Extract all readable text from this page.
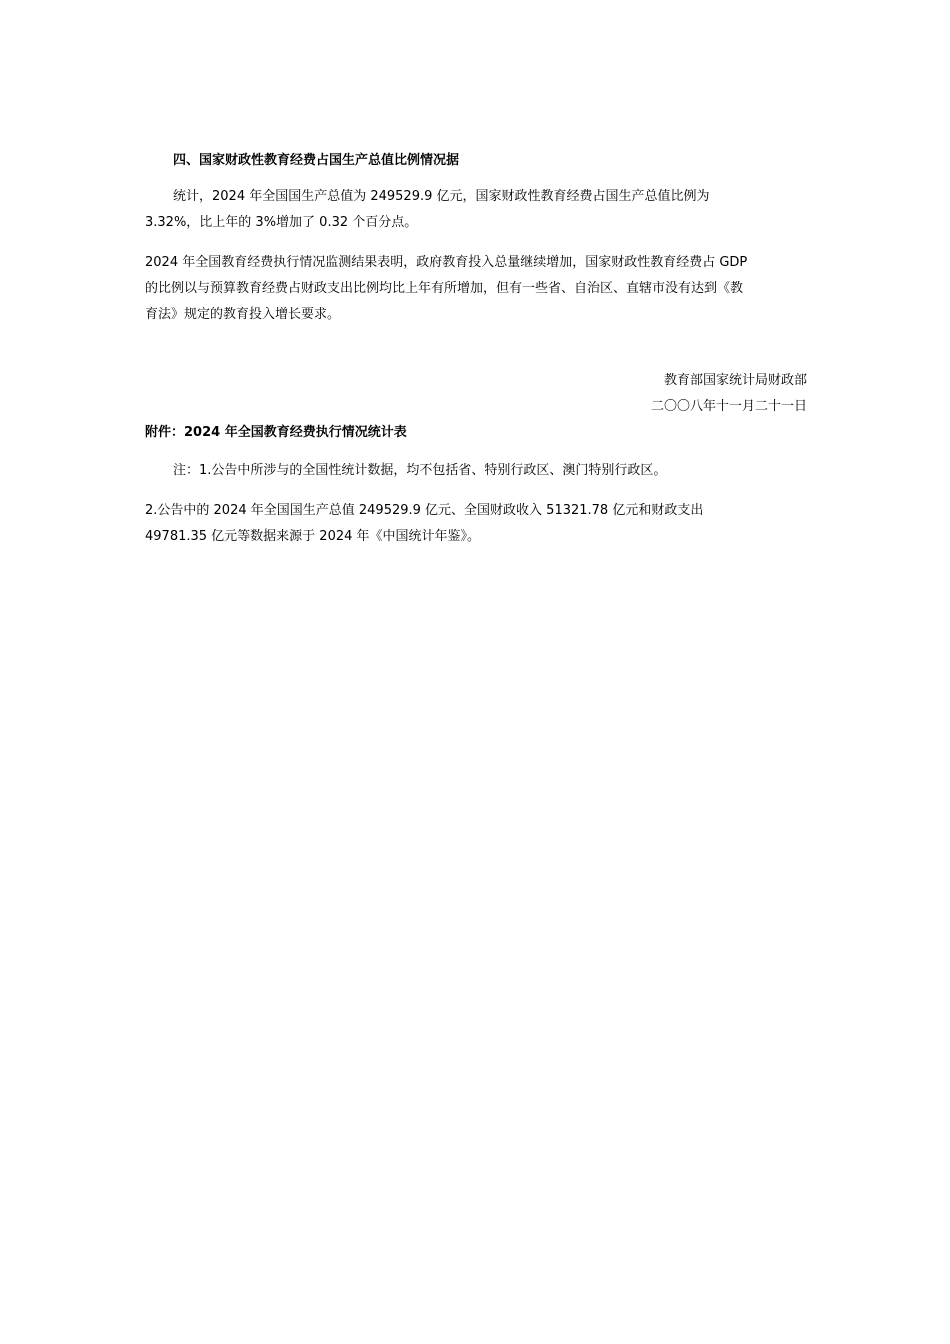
四、国家财政性教育经费占国生产总值比例情况据
统计，2024 年全国国生产总值为 249529.9 亿元，国家财政性教育经费占国生产总值比例为
3.32%，比上年的 3%增加了 0.32 个百分点。
2024 年全国教育经费执行情况监测结果表明，政府教育投入总量继续增加，国家财政性教育经费占 GDP
的比例以与预算教育经费占财政支出比例均比上年有所增加，但有一些省、自治区、直辖市没有达到《教
育法》规定的教育投入增长要求。
教育部国家统计局财政部
二〇〇八年十一月二十一日
附件：2024 年全国教育经费执行情况统计表
注：1.公告中所涉与的全国性统计数据，均不包括省、特别行政区、澳门特别行政区。
2.公告中的 2024 年全国国生产总值 249529.9 亿元、全国财政收入 51321.78 亿元和财政支出
49781.35 亿元等数据来源于 2024 年《中国统计年鉴》。
